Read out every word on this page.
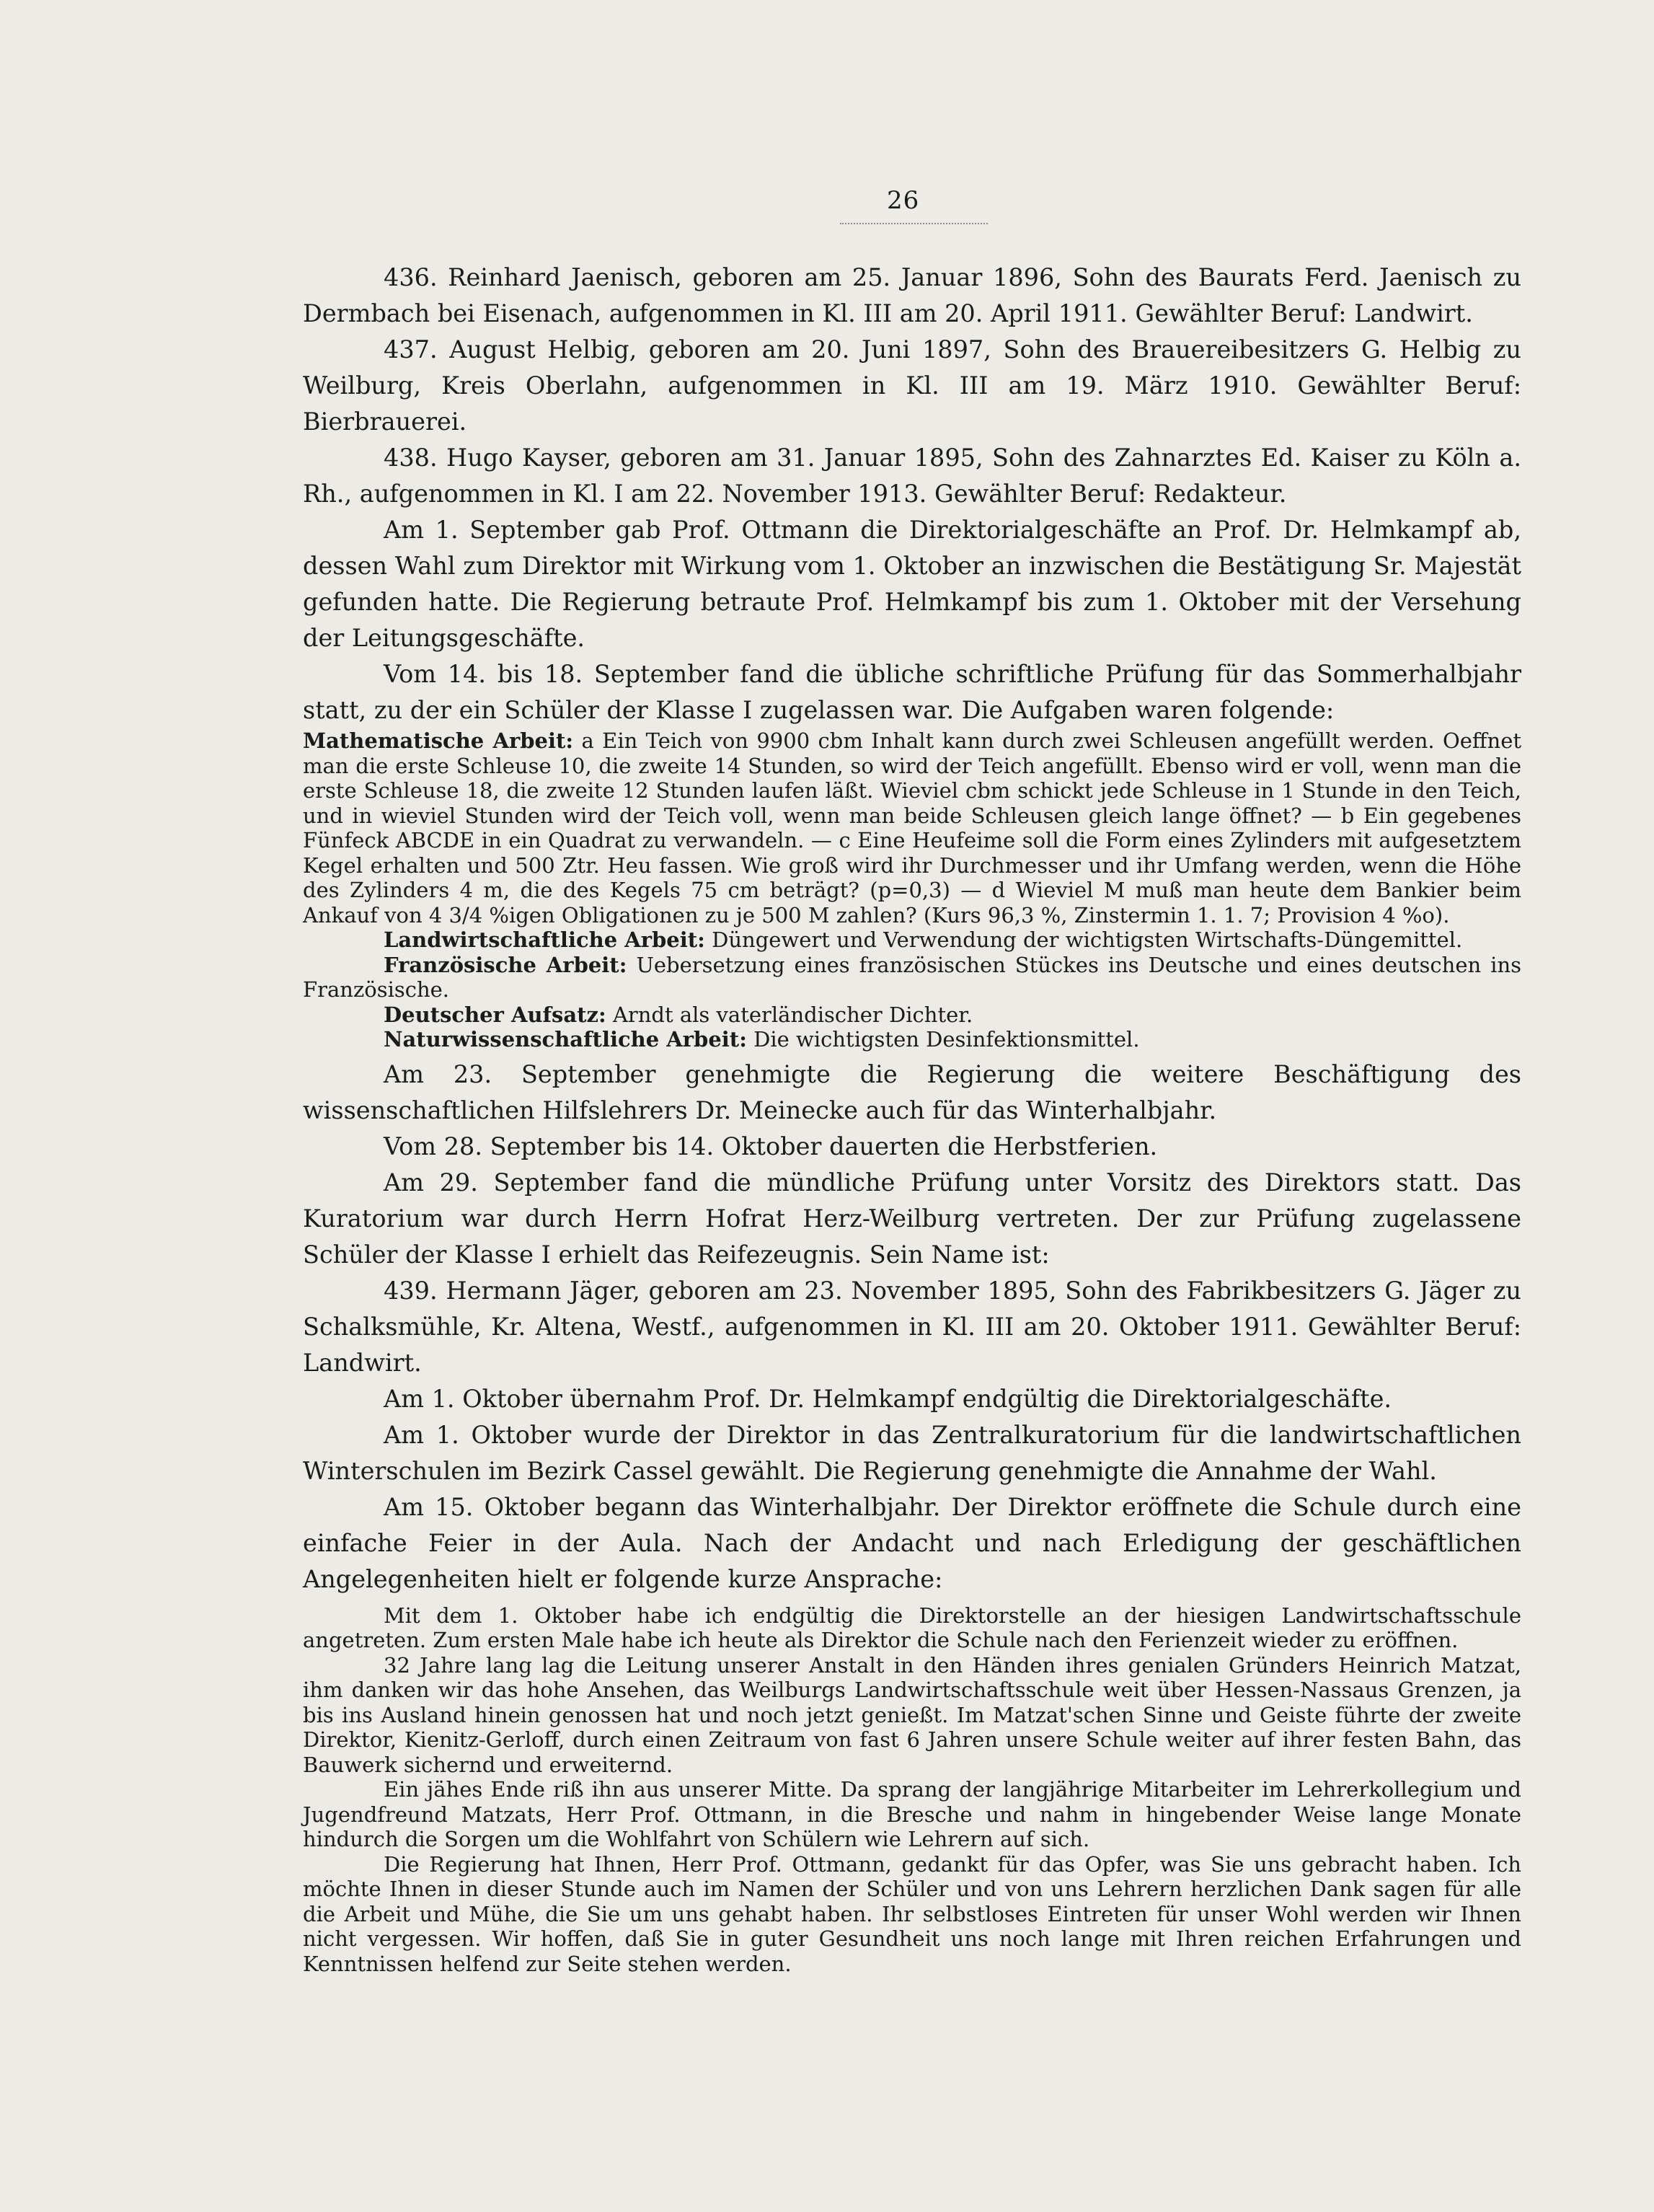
26

436. Reinhard Jaenisch, geboren am 25. Januar 1896, Sohn des Baurats Ferd. Jaenisch zu Dermbach bei Eisenach, aufgenommen in Kl. III am 20. April 1911. Gewählter Beruf: Landwirt.

437. August Helbig, geboren am 20. Juni 1897, Sohn des Brauereibesitzers G. Helbig zu Weilburg, Kreis Oberlahn, aufgenommen in Kl. III am 19. März 1910. Gewählter Beruf: Bierbrauerei.

438. Hugo Kayser, geboren am 31. Januar 1895, Sohn des Zahnarztes Ed. Kaiser zu Köln a. Rh., aufgenommen in Kl. I am 22. November 1913. Gewählter Beruf: Redakteur.

Am 1. September gab Prof. Ottmann die Direktorialgeschäfte an Prof. Dr. Helmkampf ab, dessen Wahl zum Direktor mit Wirkung vom 1. Oktober an inzwischen die Bestätigung Sr. Majestät gefunden hatte. Die Regierung betraute Prof. Helmkampf bis zum 1. Oktober mit der Versehung der Leitungsgeschäfte.

Vom 14. bis 18. September fand die übliche schriftliche Prüfung für das Sommerhalbjahr statt, zu der ein Schüler der Klasse I zugelassen war. Die Aufgaben waren folgende:

Mathematische Arbeit: a Ein Teich von 9900 cbm Inhalt kann durch zwei Schleusen angefüllt werden. Oeffnet man die erste Schleuse 10, die zweite 14 Stunden, so wird der Teich angefüllt. Ebenso wird er voll, wenn man die erste Schleuse 18, die zweite 12 Stunden laufen läßt. Wieviel cbm schickt jede Schleuse in 1 Stunde in den Teich, und in wieviel Stunden wird der Teich voll, wenn man beide Schleusen gleich lange öffnet? — b Ein gegebenes Fünfeck ABCDE in ein Quadrat zu verwandeln. — c Eine Heufeime soll die Form eines Zylinders mit aufgesetztem Kegel erhalten und 500 Ztr. Heu fassen. Wie groß wird ihr Durchmesser und ihr Umfang werden, wenn die Höhe des Zylinders 4 m, die des Kegels 75 cm beträgt? (p=0,3) — d Wieviel M muß man heute dem Bankier beim Ankauf von 4 3/4 %igen Obligationen zu je 500 M zahlen? (Kurs 96,3 %, Zinstermin 1. 1. 7; Provision 4 %o).

Landwirtschaftliche Arbeit: Düngewert und Verwendung der wichtigsten Wirtschafts-Düngemittel.

Französische Arbeit: Uebersetzung eines französischen Stückes ins Deutsche und eines deutschen ins Französische.

Deutscher Aufsatz: Arndt als vaterländischer Dichter.

Naturwissenschaftliche Arbeit: Die wichtigsten Desinfektionsmittel.

Am 23. September genehmigte die Regierung die weitere Beschäftigung des wissenschaftlichen Hilfslehrers Dr. Meinecke auch für das Winterhalbjahr.

Vom 28. September bis 14. Oktober dauerten die Herbstferien.

Am 29. September fand die mündliche Prüfung unter Vorsitz des Direktors statt. Das Kuratorium war durch Herrn Hofrat Herz-Weilburg vertreten. Der zur Prüfung zugelassene Schüler der Klasse I erhielt das Reifezeugnis. Sein Name ist:

439. Hermann Jäger, geboren am 23. November 1895, Sohn des Fabrikbesitzers G. Jäger zu Schalksmühle, Kr. Altena, Westf., aufgenommen in Kl. III am 20. Oktober 1911. Gewählter Beruf: Landwirt.

Am 1. Oktober übernahm Prof. Dr. Helmkampf endgültig die Direktorialgeschäfte.

Am 1. Oktober wurde der Direktor in das Zentralkuratorium für die landwirtschaftlichen Winterschulen im Bezirk Cassel gewählt. Die Regierung genehmigte die Annahme der Wahl.

Am 15. Oktober begann das Winterhalbjahr. Der Direktor eröffnete die Schule durch eine einfache Feier in der Aula. Nach der Andacht und nach Erledigung der geschäftlichen Angelegenheiten hielt er folgende kurze Ansprache:

Mit dem 1. Oktober habe ich endgültig die Direktorstelle an der hiesigen Landwirtschaftsschule angetreten. Zum ersten Male habe ich heute als Direktor die Schule nach den Ferienzeit wieder zu eröffnen.

32 Jahre lang lag die Leitung unserer Anstalt in den Händen ihres genialen Gründers Heinrich Matzat, ihm danken wir das hohe Ansehen, das Weilburgs Landwirtschaftsschule weit über Hessen-Nassaus Grenzen, ja bis ins Ausland hinein genossen hat und noch jetzt genießt. Im Matzat'schen Sinne und Geiste führte der zweite Direktor, Kienitz-Gerloff, durch einen Zeitraum von fast 6 Jahren unsere Schule weiter auf ihrer festen Bahn, das Bauwerk sichernd und erweiternd.

Ein jähes Ende riß ihn aus unserer Mitte. Da sprang der langjährige Mitarbeiter im Lehrerkollegium und Jugendfreund Matzats, Herr Prof. Ottmann, in die Bresche und nahm in hingebender Weise lange Monate hindurch die Sorgen um die Wohlfahrt von Schülern wie Lehrern auf sich.

Die Regierung hat Ihnen, Herr Prof. Ottmann, gedankt für das Opfer, was Sie uns gebracht haben. Ich möchte Ihnen in dieser Stunde auch im Namen der Schüler und von uns Lehrern herzlichen Dank sagen für alle die Arbeit und Mühe, die Sie um uns gehabt haben. Ihr selbstloses Eintreten für unser Wohl werden wir Ihnen nicht vergessen. Wir hoffen, daß Sie in guter Gesundheit uns noch lange mit Ihren reichen Erfahrungen und Kenntnissen helfend zur Seite stehen werden.
